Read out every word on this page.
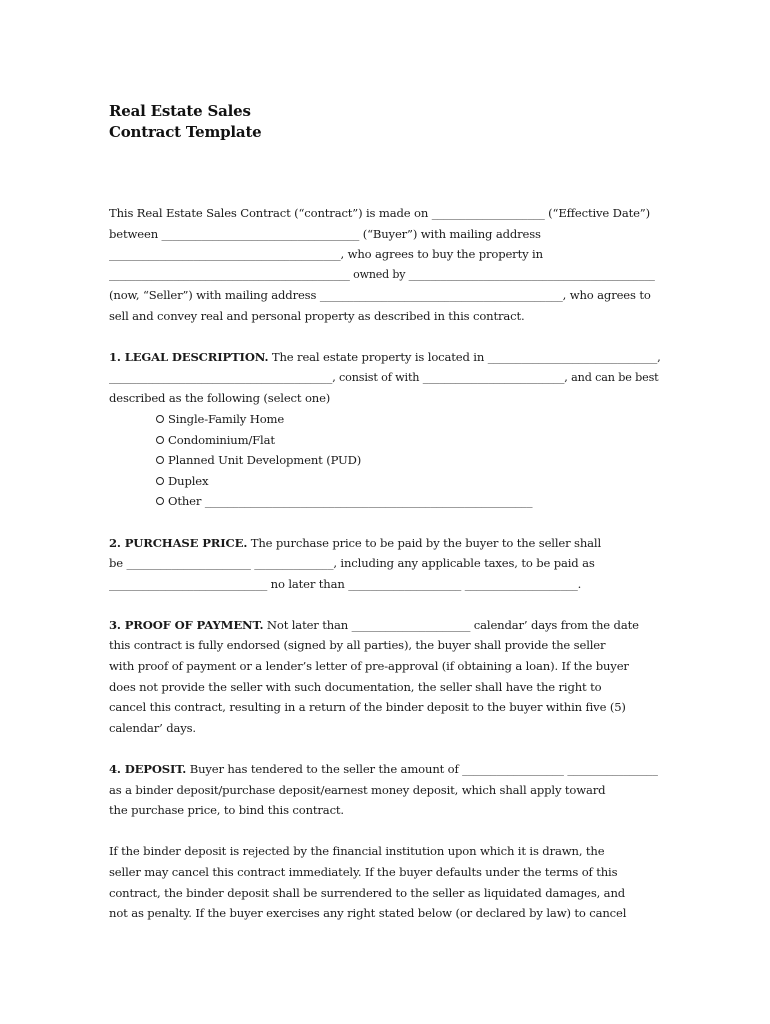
Real Estate Sales
Contract Template
This Real Estate Sales Contract (“contract”) is made on ____________________ (“Effective Date”)
between ___________________________________ (“Buyer”) with mailing address
_________________________________________, who agrees to buy the property in
_____________________________________________ owned by ______________________________________________
(now, “Seller”) with mailing address ___________________________________________, who agrees to
sell and convey real and personal property as described in this contract.
1. LEGAL DESCRIPTION. The real estate property is located in ______________________________,
_________________________________________, consist of with __________________________, and can be best
described as the following (select one)
Single-Family Home
Condominium/Flat
Planned Unit Development (PUD)
Duplex
Other __________________________________________________________
2. PURCHASE PRICE. The purchase price to be paid by the buyer to the seller shall
be ______________________ ______________, including any applicable taxes, to be paid as
____________________________ no later than ____________________ ____________________.
3. PROOF OF PAYMENT. Not later than _____________________ calendar’ days from the date
this contract is fully endorsed (signed by all parties), the buyer shall provide the seller
with proof of payment or a lender’s letter of pre-approval (if obtaining a loan). If the buyer
does not provide the seller with such documentation, the seller shall have the right to
cancel this contract, resulting in a return of the binder deposit to the buyer within five (5)
calendar’ days.
4. DEPOSIT. Buyer has tendered to the seller the amount of __________________ ________________
as a binder deposit/purchase deposit/earnest money deposit, which shall apply toward
the purchase price, to bind this contract.
If the binder deposit is rejected by the financial institution upon which it is drawn, the
seller may cancel this contract immediately. If the buyer defaults under the terms of this
contract, the binder deposit shall be surrendered to the seller as liquidated damages, and
not as penalty. If the buyer exercises any right stated below (or declared by law) to cancel
